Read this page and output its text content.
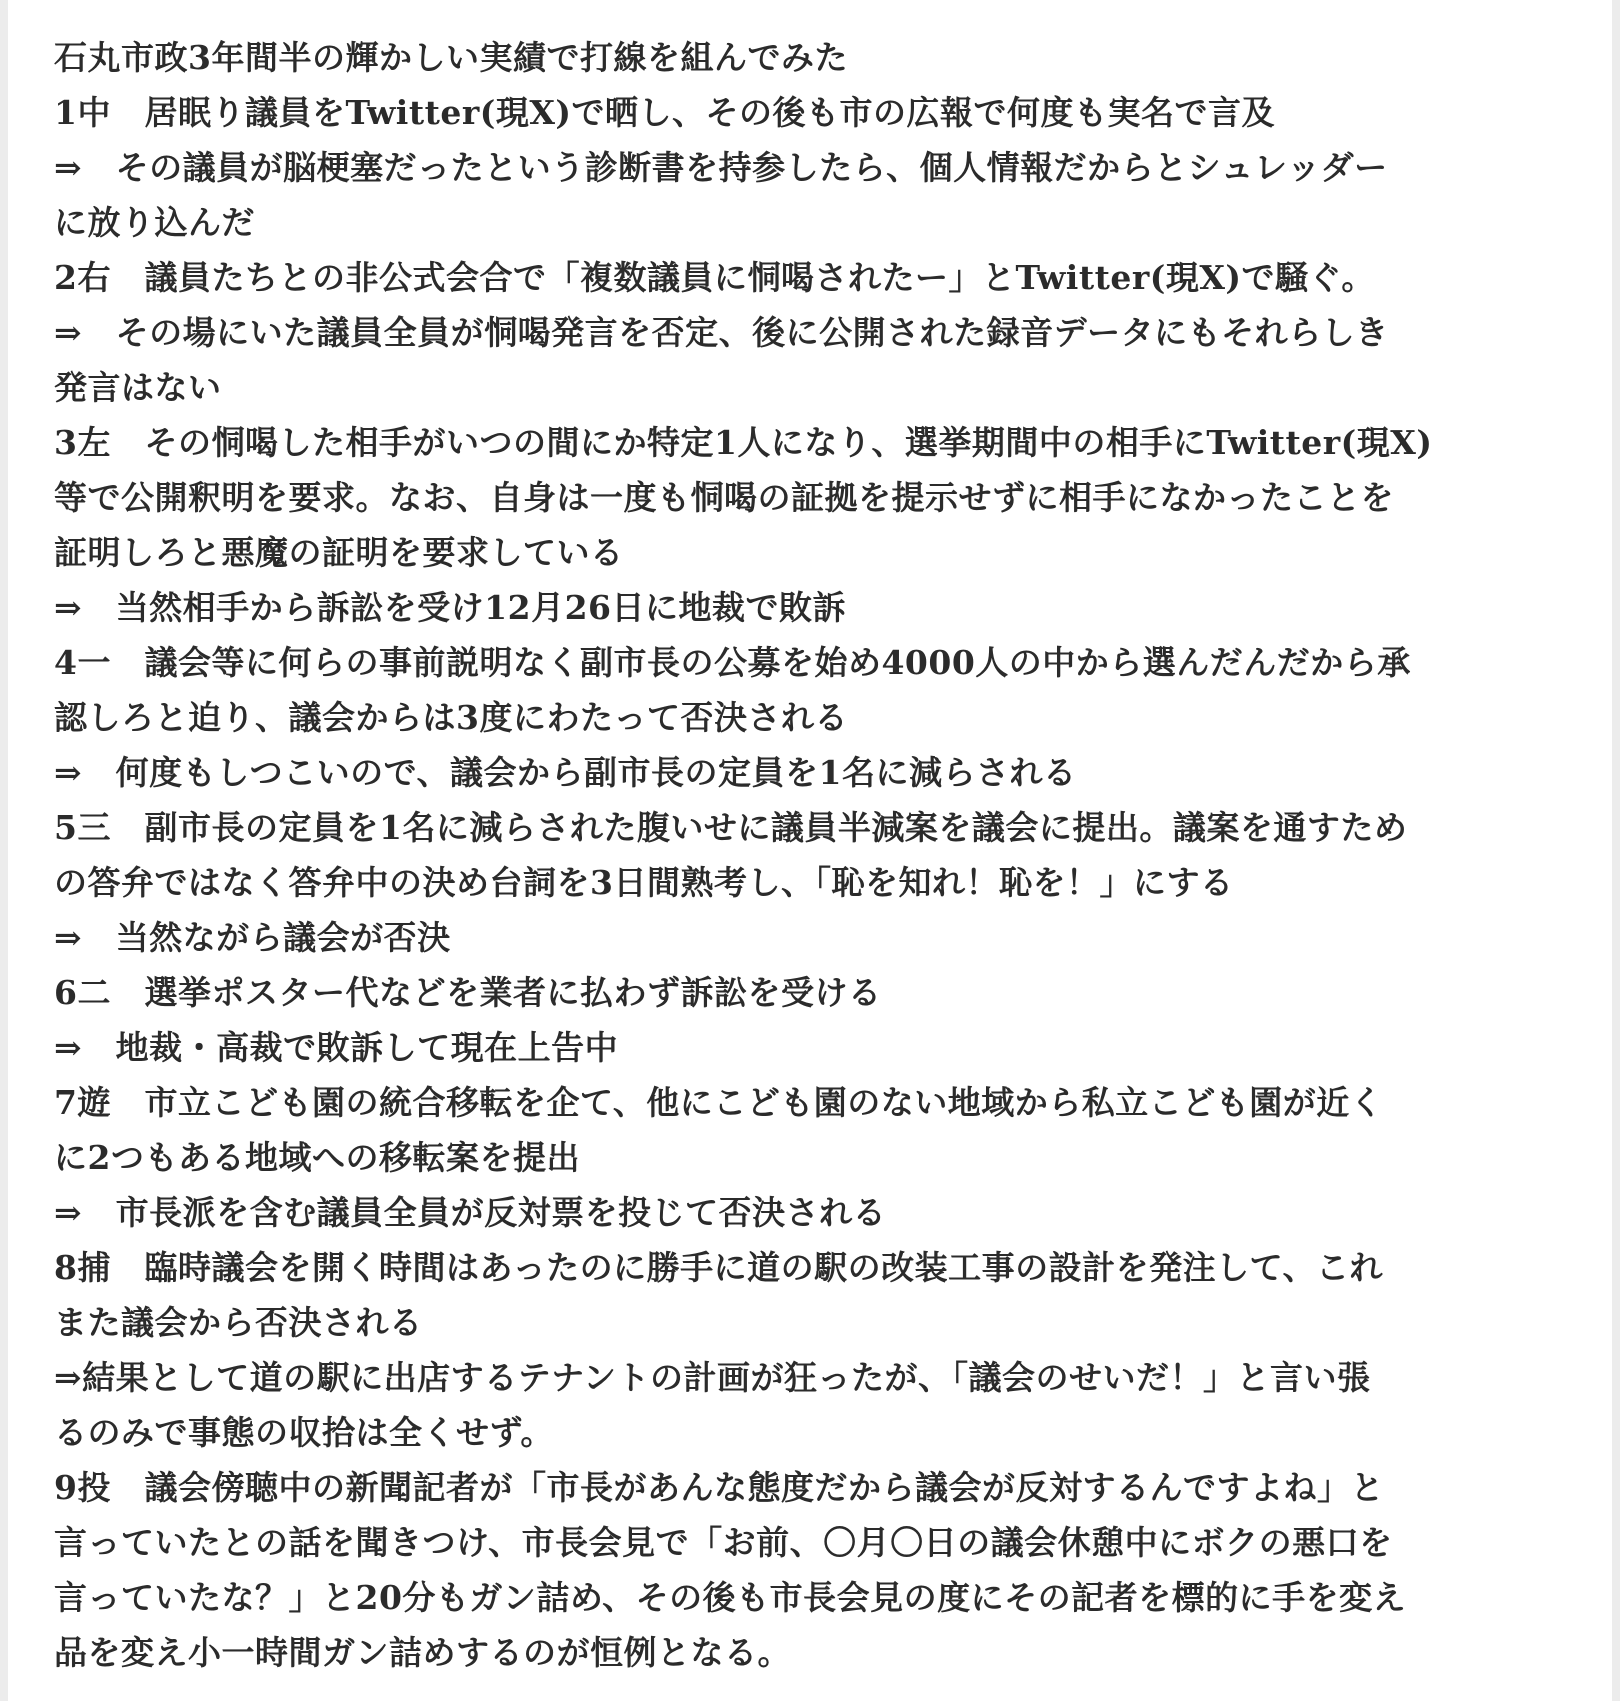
石丸市政3年間半の輝かしい実績で打線を組んでみた
1中　居眠り議員をTwitter(現X)で晒し、その後も市の広報で何度も実名で言及
⇒　その議員が脳梗塞だったという診断書を持参したら、個人情報だからとシュレッダー
に放り込んだ
2右　議員たちとの非公式会合で「複数議員に恫喝されたー」とTwitter(現X)で騒ぐ。
⇒　その場にいた議員全員が恫喝発言を否定、後に公開された録音データにもそれらしき
発言はない
3左　その恫喝した相手がいつの間にか特定1人になり、選挙期間中の相手にTwitter(現X)
等で公開釈明を要求。なお、自身は一度も恫喝の証拠を提示せずに相手になかったことを
証明しろと悪魔の証明を要求している
⇒　当然相手から訴訟を受け12月26日に地裁で敗訴
4一　議会等に何らの事前説明なく副市長の公募を始め4000人の中から選んだんだから承
認しろと迫り、議会からは3度にわたって否決される
⇒　何度もしつこいので、議会から副市長の定員を1名に減らされる
5三　副市長の定員を1名に減らされた腹いせに議員半減案を議会に提出。議案を通すため
の答弁ではなく答弁中の決め台詞を3日間熟考し、「恥を知れ！恥を！」にする
⇒　当然ながら議会が否決
6二　選挙ポスター代などを業者に払わず訴訟を受ける
⇒　地裁・高裁で敗訴して現在上告中
7遊　市立こども園の統合移転を企て、他にこども園のない地域から私立こども園が近く
に2つもある地域への移転案を提出
⇒　市長派を含む議員全員が反対票を投じて否決される
8捕　臨時議会を開く時間はあったのに勝手に道の駅の改装工事の設計を発注して、これ
また議会から否決される
⇒結果として道の駅に出店するテナントの計画が狂ったが、「議会のせいだ！」と言い張
るのみで事態の収拾は全くせず。
9投　議会傍聴中の新聞記者が「市長があんな態度だから議会が反対するんですよね」と
言っていたとの話を聞きつけ、市長会見で「お前、〇月〇日の議会休憩中にボクの悪口を
言っていたな？」と20分もガン詰め、その後も市長会見の度にその記者を標的に手を変え
品を変え小一時間ガン詰めするのが恒例となる。
